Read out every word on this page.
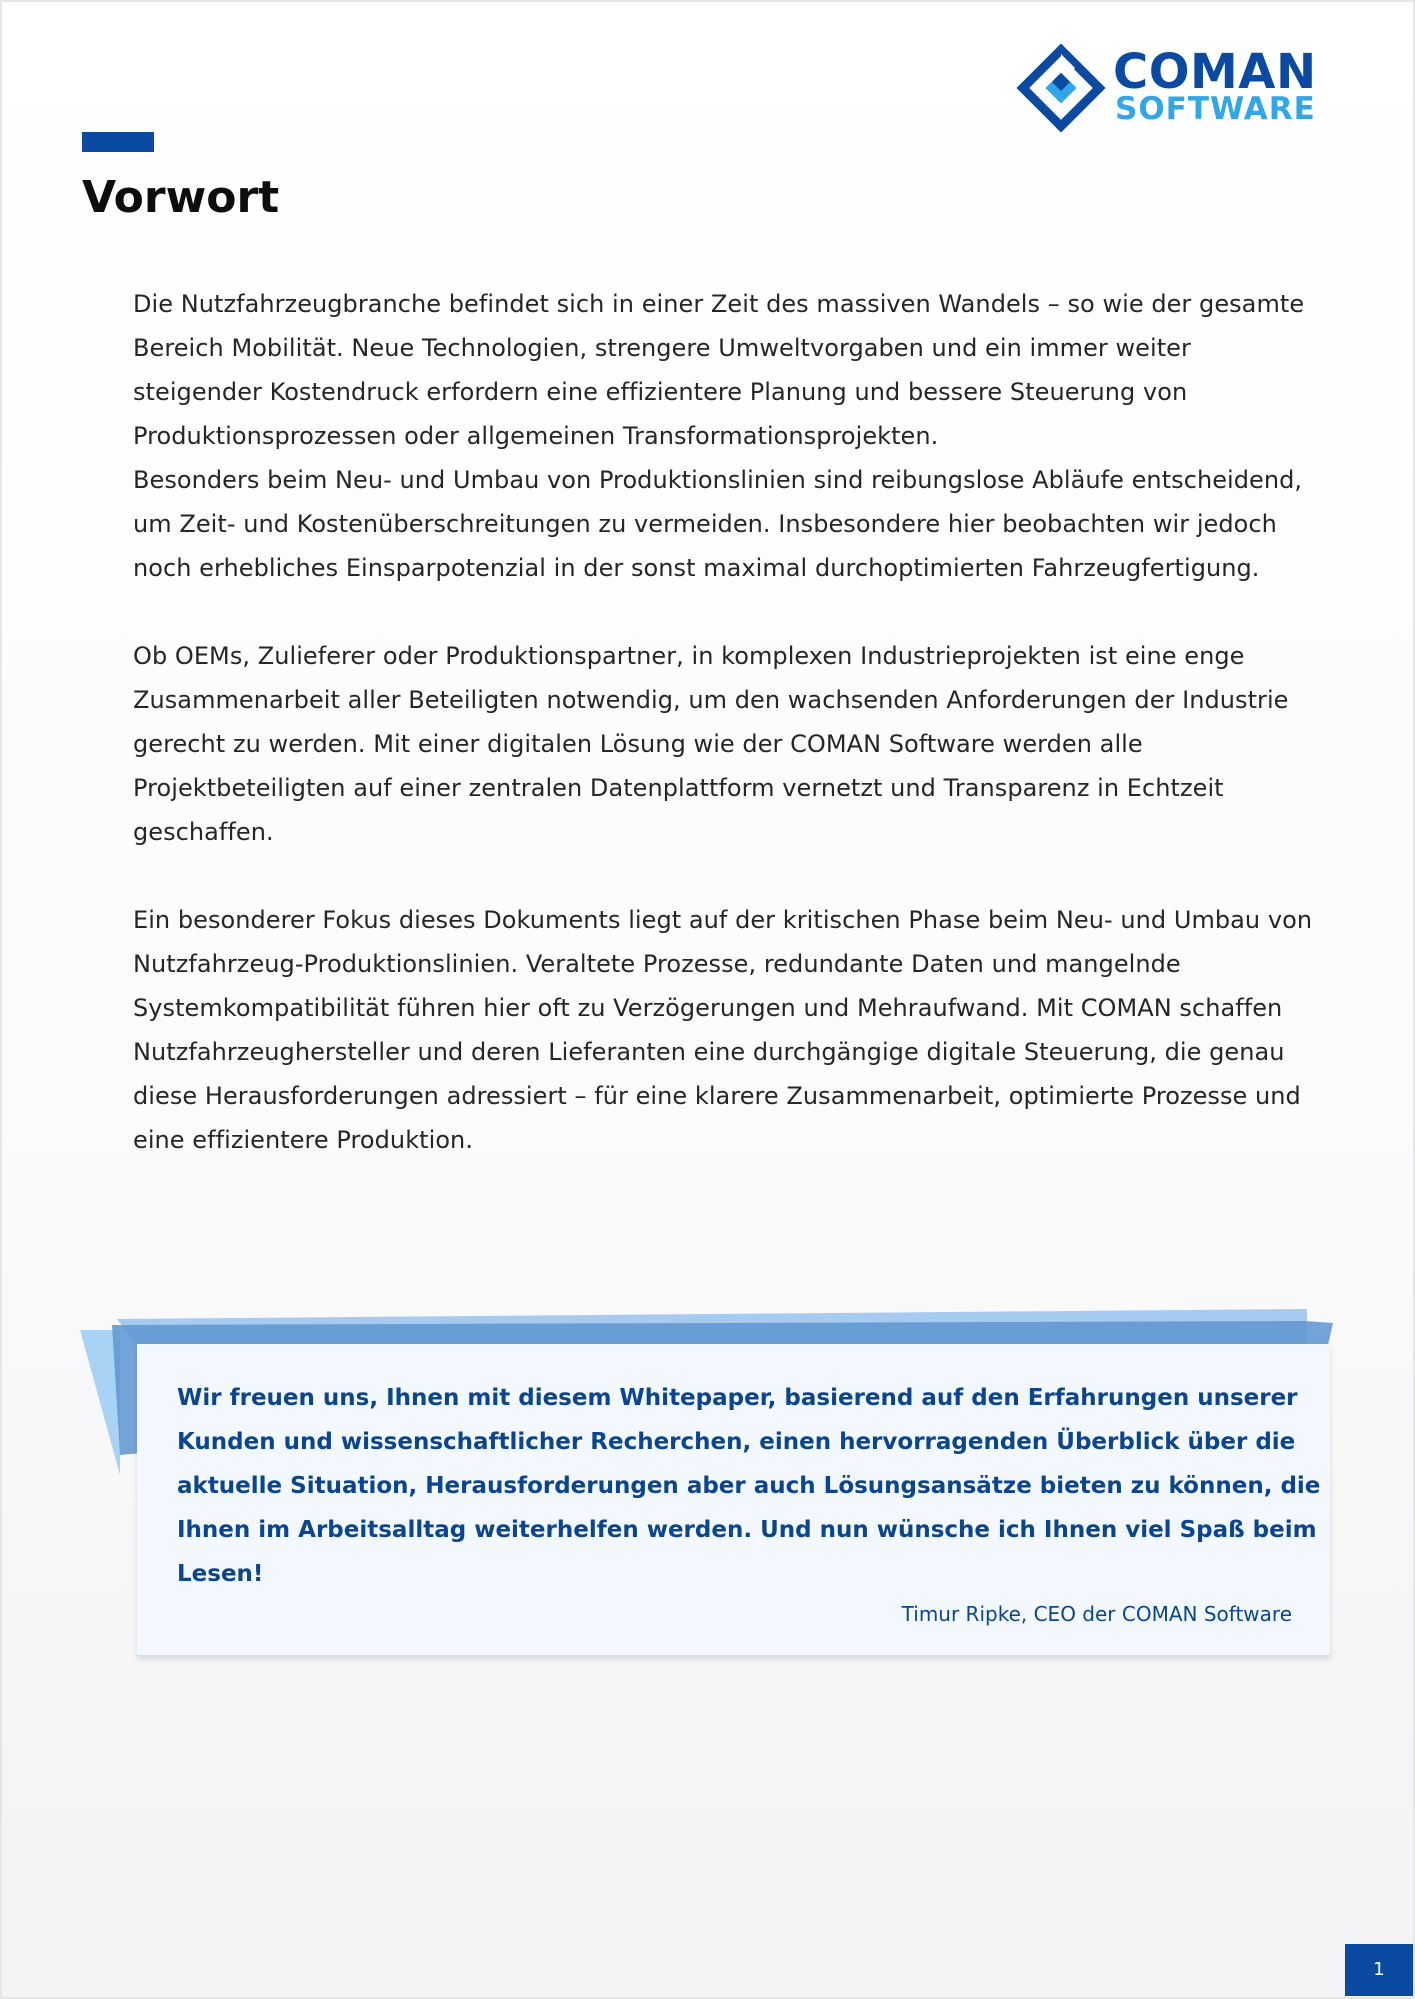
COMAN
SOFTWARE
Vorwort

Die Nutzfahrzeugbranche befindet sich in einer Zeit des massiven Wandels – so wie der gesamte
Bereich Mobilität. Neue Technologien, strengere Umweltvorgaben und ein immer weiter
steigender Kostendruck erfordern eine effizientere Planung und bessere Steuerung von
Produktionsprozessen oder allgemeinen Transformationsprojekten.
Besonders beim Neu- und Umbau von Produktionslinien sind reibungslose Abläufe entscheidend,
um Zeit- und Kostenüberschreitungen zu vermeiden. Insbesondere hier beobachten wir jedoch
noch erhebliches Einsparpotenzial in der sonst maximal durchoptimierten Fahrzeugfertigung.

Ob OEMs, Zulieferer oder Produktionspartner, in komplexen Industrieprojekten ist eine enge
Zusammenarbeit aller Beteiligten notwendig, um den wachsenden Anforderungen der Industrie
gerecht zu werden. Mit einer digitalen Lösung wie der COMAN Software werden alle
Projektbeteiligten auf einer zentralen Datenplattform vernetzt und Transparenz in Echtzeit
geschaffen.

Ein besonderer Fokus dieses Dokuments liegt auf der kritischen Phase beim Neu- und Umbau von
Nutzfahrzeug-Produktionslinien. Veraltete Prozesse, redundante Daten und mangelnde
Systemkompatibilität führen hier oft zu Verzögerungen und Mehraufwand. Mit COMAN schaffen
Nutzfahrzeughersteller und deren Lieferanten eine durchgängige digitale Steuerung, die genau
diese Herausforderungen adressiert – für eine klarere Zusammenarbeit, optimierte Prozesse und
eine effizientere Produktion.

Wir freuen uns, Ihnen mit diesem Whitepaper, basierend auf den Erfahrungen unserer
Kunden und wissenschaftlicher Recherchen, einen hervorragenden Überblick über die
aktuelle Situation, Herausforderungen aber auch Lösungsansätze bieten zu können, die
Ihnen im Arbeitsalltag weiterhelfen werden. Und nun wünsche ich Ihnen viel Spaß beim
Lesen!

Timur Ripke, CEO der COMAN Software

1
